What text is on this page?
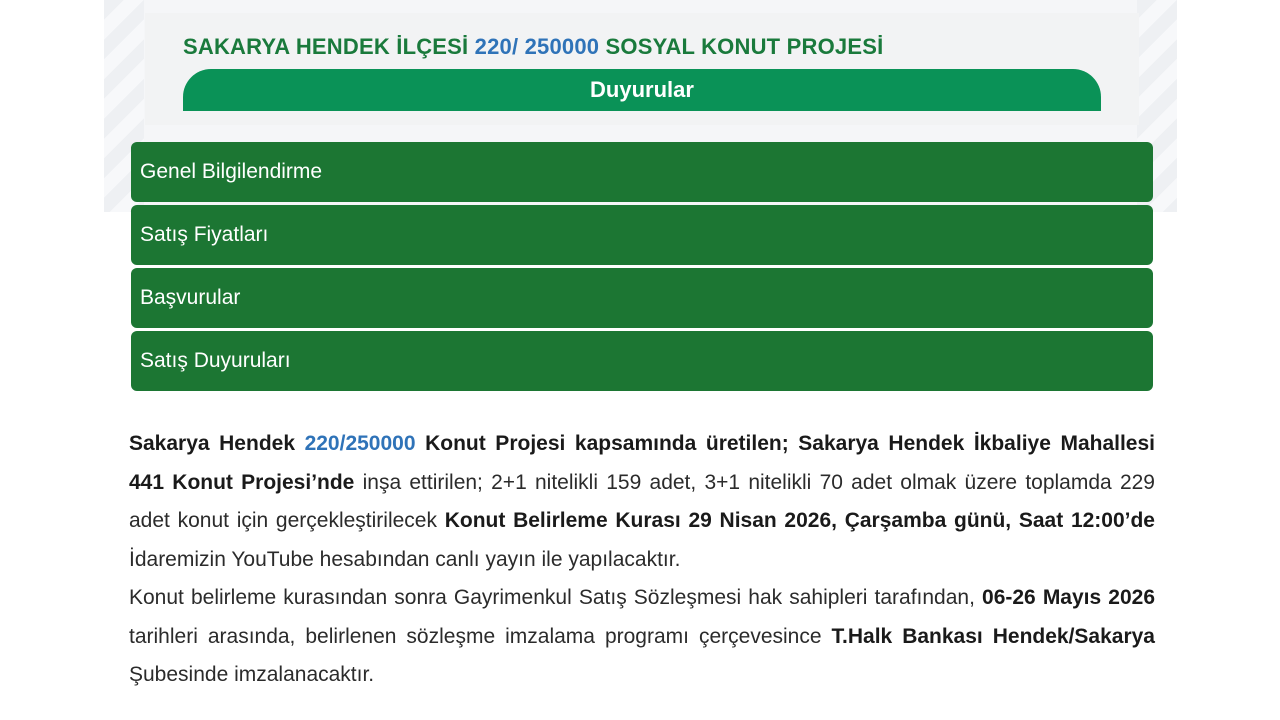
SAKARYA HENDEK İLÇESİ 220/ 250000 SOSYAL KONUT PROJESİ
Duyurular
Genel Bilgilendirme
Satış Fiyatları
Başvurular
Satış Duyuruları

Sakarya Hendek 220/250000 Konut Projesi kapsamında üretilen; Sakarya Hendek İkbaliye Mahallesi 441 Konut Projesi’nde inşa ettirilen; 2+1 nitelikli 159 adet, 3+1 nitelikli 70 adet olmak üzere toplamda 229 adet konut için gerçekleştirilecek Konut Belirleme Kurası 29 Nisan 2026, Çarşamba günü, Saat 12:00’de İdaremizin YouTube hesabından canlı yayın ile yapılacaktır.

Konut belirleme kurasından sonra Gayrimenkul Satış Sözleşmesi hak sahipleri tarafından, 06-26 Mayıs 2026 tarihleri arasında, belirlenen sözleşme imzalama programı çerçevesince T.Halk Bankası Hendek/Sakarya Şubesinde imzalanacaktır.
